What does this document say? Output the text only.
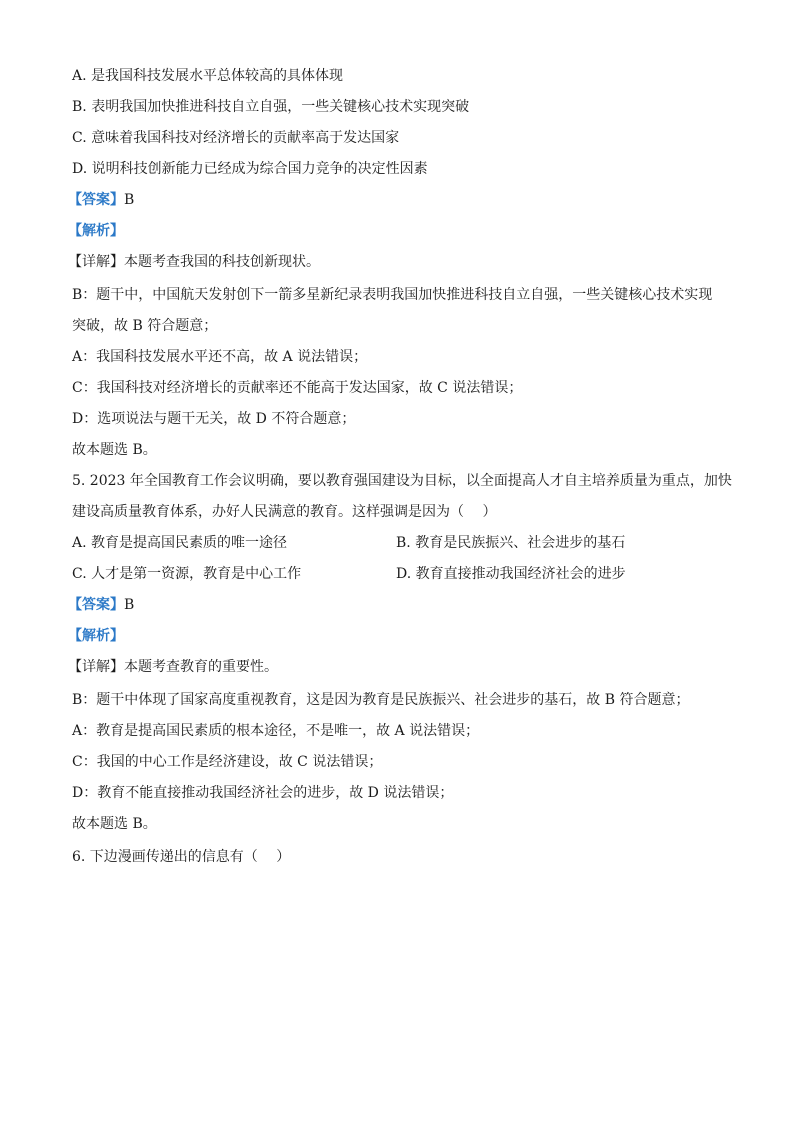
A. 是我国科技发展水平总体较高的具体体现
B. 表明我国加快推进科技自立自强，一些关键核心技术实现突破
C. 意味着我国科技对经济增长的贡献率高于发达国家
D. 说明科技创新能力已经成为综合国力竞争的决定性因素
【答案】B
【解析】
【详解】本题考查我国的科技创新现状。
B：题干中，中国航天发射创下一箭多星新纪录表明我国加快推进科技自立自强，一些关键核心技术实现
突破，故 B 符合题意；
A：我国科技发展水平还不高，故 A 说法错误；
C：我国科技对经济增长的贡献率还不能高于发达国家，故 C 说法错误；
D：选项说法与题干无关，故 D 不符合题意；
故本题选 B。
5. 2023 年全国教育工作会议明确，要以教育强国建设为目标，以全面提高人才自主培养质量为重点，加快
建设高质量教育体系，办好人民满意的教育。这样强调是因为（　 ）
A. 教育是提高国民素质的唯一途径	B. 教育是民族振兴、社会进步的基石
C. 人才是第一资源，教育是中心工作	D. 教育直接推动我国经济社会的进步
【答案】B
【解析】
【详解】本题考查教育的重要性。
B：题干中体现了国家高度重视教育，这是因为教育是民族振兴、社会进步的基石，故 B 符合题意；
A：教育是提高国民素质的根本途径，不是唯一，故 A 说法错误；
C：我国的中心工作是经济建设，故 C 说法错误；
D：教育不能直接推动我国经济社会的进步，故 D 说法错误；
故本题选 B。
6. 下边漫画传递出的信息有（　 ）
